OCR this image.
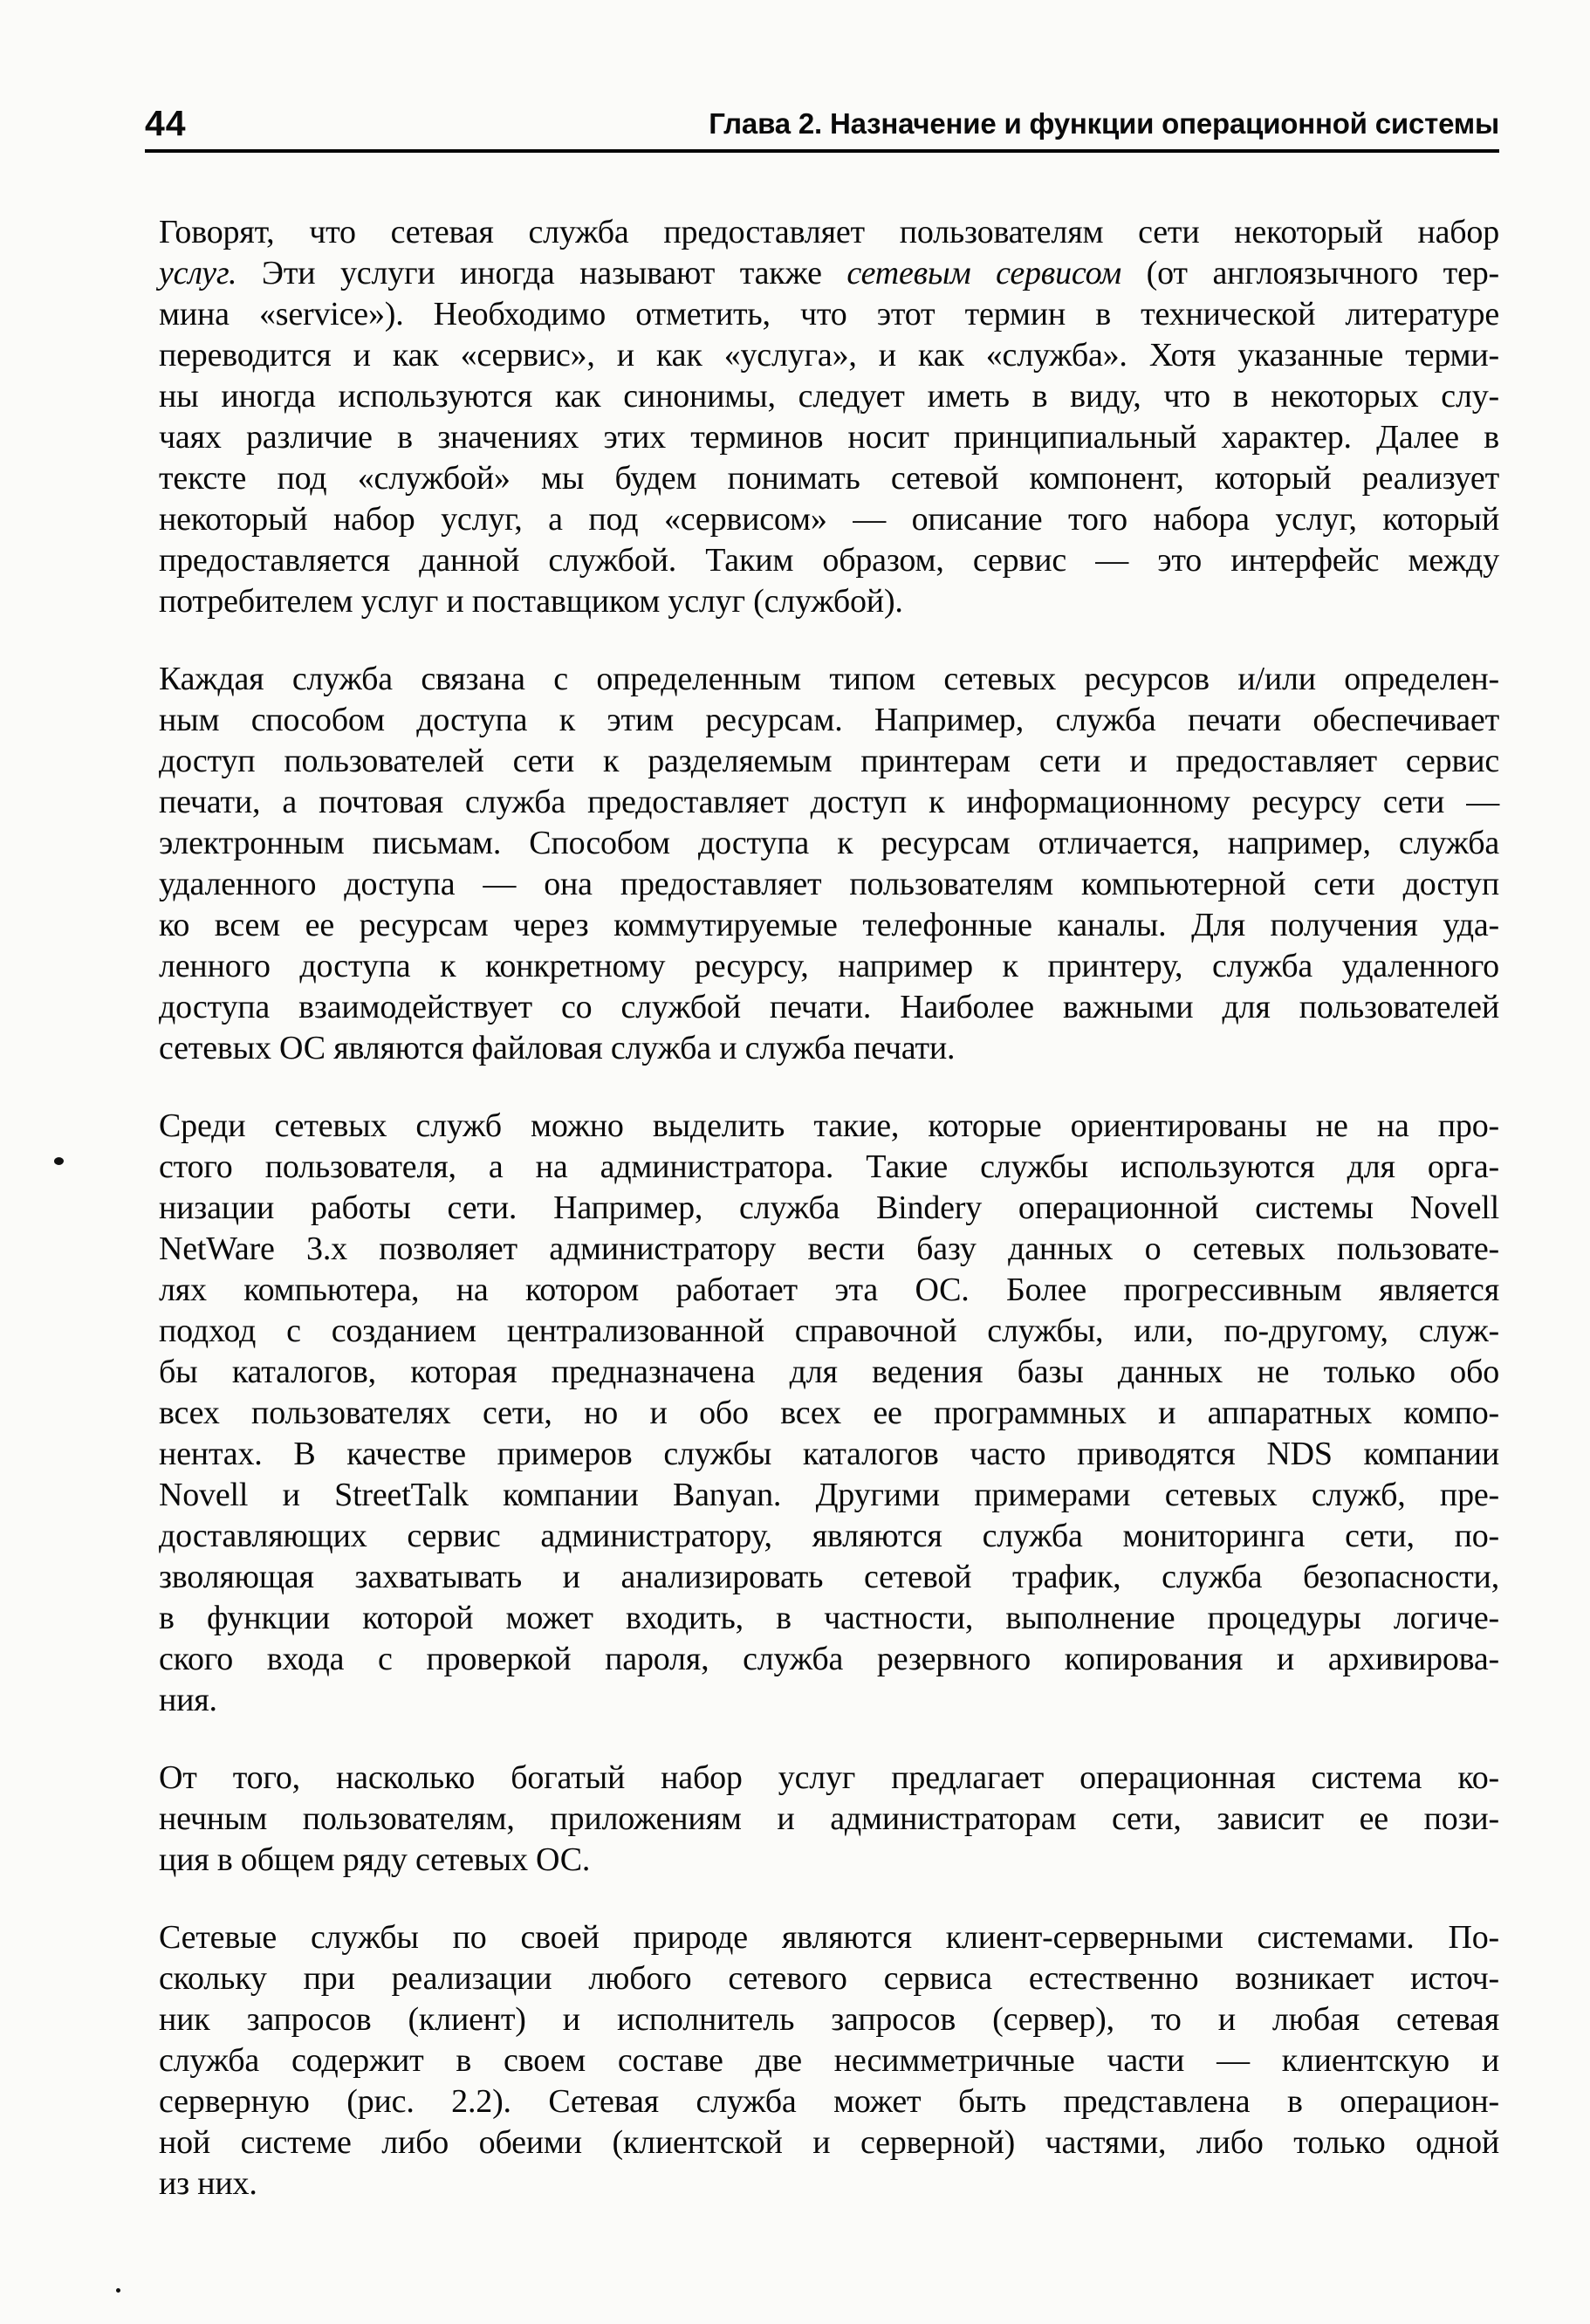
44	Глава 2. Назначение и функции операционной системы
Говорят, что сетевая служба предоставляет пользователям сети некоторый набор
услуг. Эти услуги иногда называют также сетевым сервисом (от англоязычного тер-
мина «service»). Необходимо отметить, что этот термин в технической литературе
переводится и как «сервис», и как «услуга», и как «служба». Хотя указанные терми-
ны иногда используются как синонимы, следует иметь в виду, что в некоторых слу-
чаях различие в значениях этих терминов носит принципиальный характер. Далее в
тексте под «службой» мы будем понимать сетевой компонент, который реализует
некоторый набор услуг, а под «сервисом» — описание того набора услуг, который
предоставляется данной службой. Таким образом, сервис — это интерфейс между
потребителем услуг и поставщиком услуг (службой).
Каждая служба связана с определенным типом сетевых ресурсов и/или определен-
ным способом доступа к этим ресурсам. Например, служба печати обеспечивает
доступ пользователей сети к разделяемым принтерам сети и предоставляет сервис
печати, а почтовая служба предоставляет доступ к информационному ресурсу сети —
электронным письмам. Способом доступа к ресурсам отличается, например, служба
удаленного доступа — она предоставляет пользователям компьютерной сети доступ
ко всем ее ресурсам через коммутируемые телефонные каналы. Для получения уда-
ленного доступа к конкретному ресурсу, например к принтеру, служба удаленного
доступа взаимодействует со службой печати. Наиболее важными для пользователей
сетевых ОС являются файловая служба и служба печати.
Среди сетевых служб можно выделить такие, которые ориентированы не на про-
стого пользователя, а на администратора. Такие службы используются для орга-
низации работы сети. Например, служба Bindery операционной системы Novell
NetWare 3.x позволяет администратору вести базу данных о сетевых пользовате-
лях компьютера, на котором работает эта ОС. Более прогрессивным является
подход с созданием централизованной справочной службы, или, по-другому, служ-
бы каталогов, которая предназначена для ведения базы данных не только обо
всех пользователях сети, но и обо всех ее программных и аппаратных компо-
нентах. В качестве примеров службы каталогов часто приводятся NDS компании
Novell и StreetTalk компании Banyan. Другими примерами сетевых служб, пре-
доставляющих сервис администратору, являются служба мониторинга сети, по-
зволяющая захватывать и анализировать сетевой трафик, служба безопасности,
в функции которой может входить, в частности, выполнение процедуры логиче-
ского входа с проверкой пароля, служба резервного копирования и архивирова-
ния.
От того, насколько богатый набор услуг предлагает операционная система ко-
нечным пользователям, приложениям и администраторам сети, зависит ее пози-
ция в общем ряду сетевых ОС.
Сетевые службы по своей природе являются клиент-серверными системами. По-
скольку при реализации любого сетевого сервиса естественно возникает источ-
ник запросов (клиент) и исполнитель запросов (сервер), то и любая сетевая
служба содержит в своем составе две несимметричные части — клиентскую и
серверную (рис. 2.2). Сетевая служба может быть представлена в операцион-
ной системе либо обеими (клиентской и серверной) частями, либо только одной
из них.
